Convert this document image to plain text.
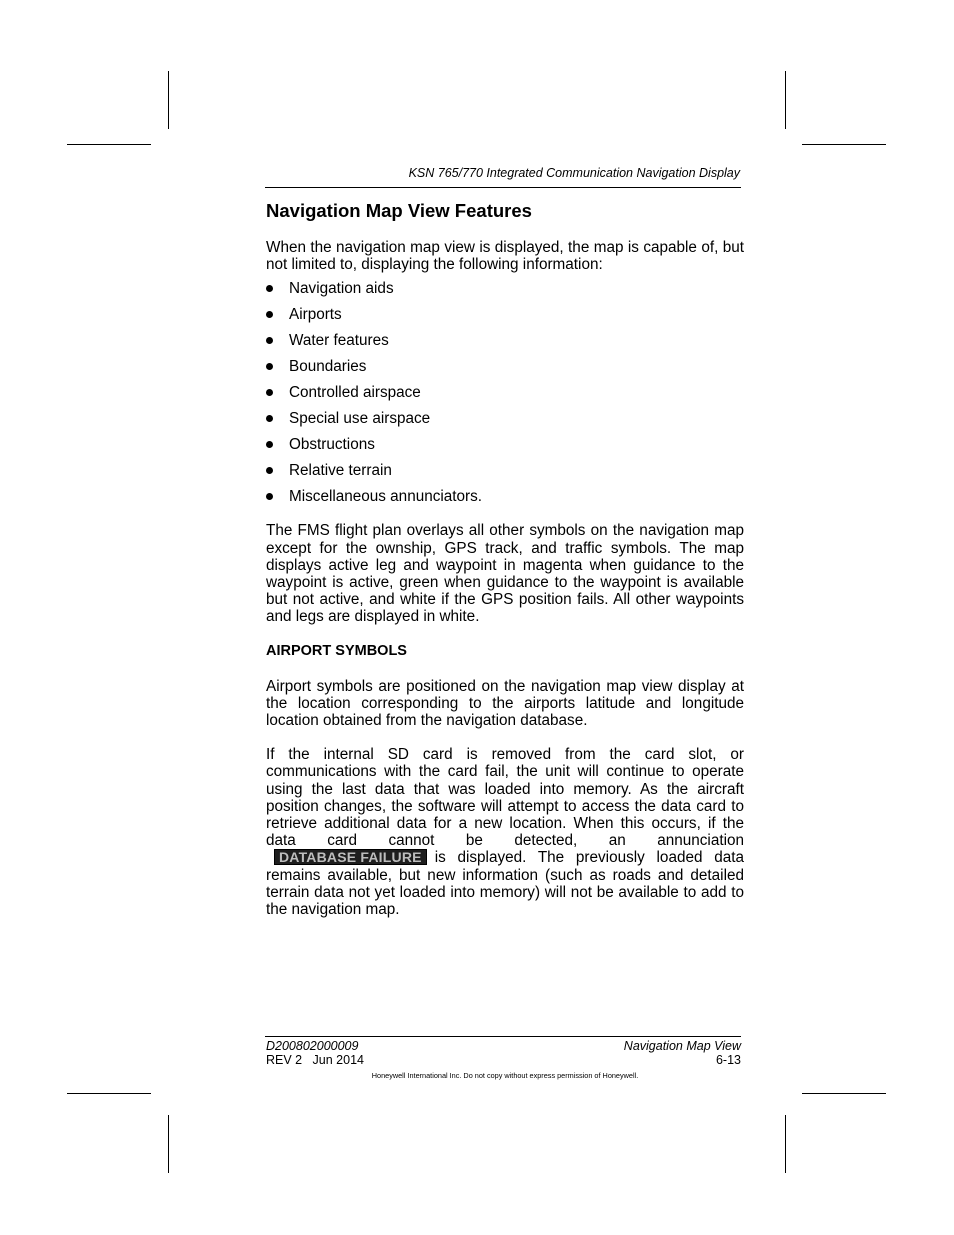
KSN 765/770 Integrated Communication Navigation Display
Navigation Map View Features

When the navigation map view is displayed, the map is capable of, but not limited to, displaying the following information:

Navigation aids
Airports
Water features
Boundaries
Controlled airspace
Special use airspace
Obstructions
Relative terrain
Miscellaneous annunciators.

The FMS flight plan overlays all other symbols on the navigation map except for the ownship, GPS track, and traffic symbols. The map displays active leg and waypoint in magenta when guidance to the waypoint is active, green when guidance to the waypoint is available but not active, and white if the GPS position fails. All other waypoints and legs are displayed in white.

AIRPORT SYMBOLS

Airport symbols are positioned on the navigation map view display at the location corresponding to the airports latitude and longitude location obtained from the navigation database.

If the internal SD card is removed from the card slot, or communications with the card fail, the unit will continue to operate using the last data that was loaded into memory. As the aircraft position changes, the software will attempt to access the data card to retrieve additional data for a new location. When this occurs, if the data card cannot be detected, an annunciationDATABASE FAILURE is displayed. The previously loaded data remains available, but new information (such as roads and detailed terrain data not yet loaded into memory) will not be available to add to the navigation map.

D200802000009
REV 2   Jun 2014
Navigation Map View
6-13
Honeywell International Inc. Do not copy without express permission of Honeywell.
